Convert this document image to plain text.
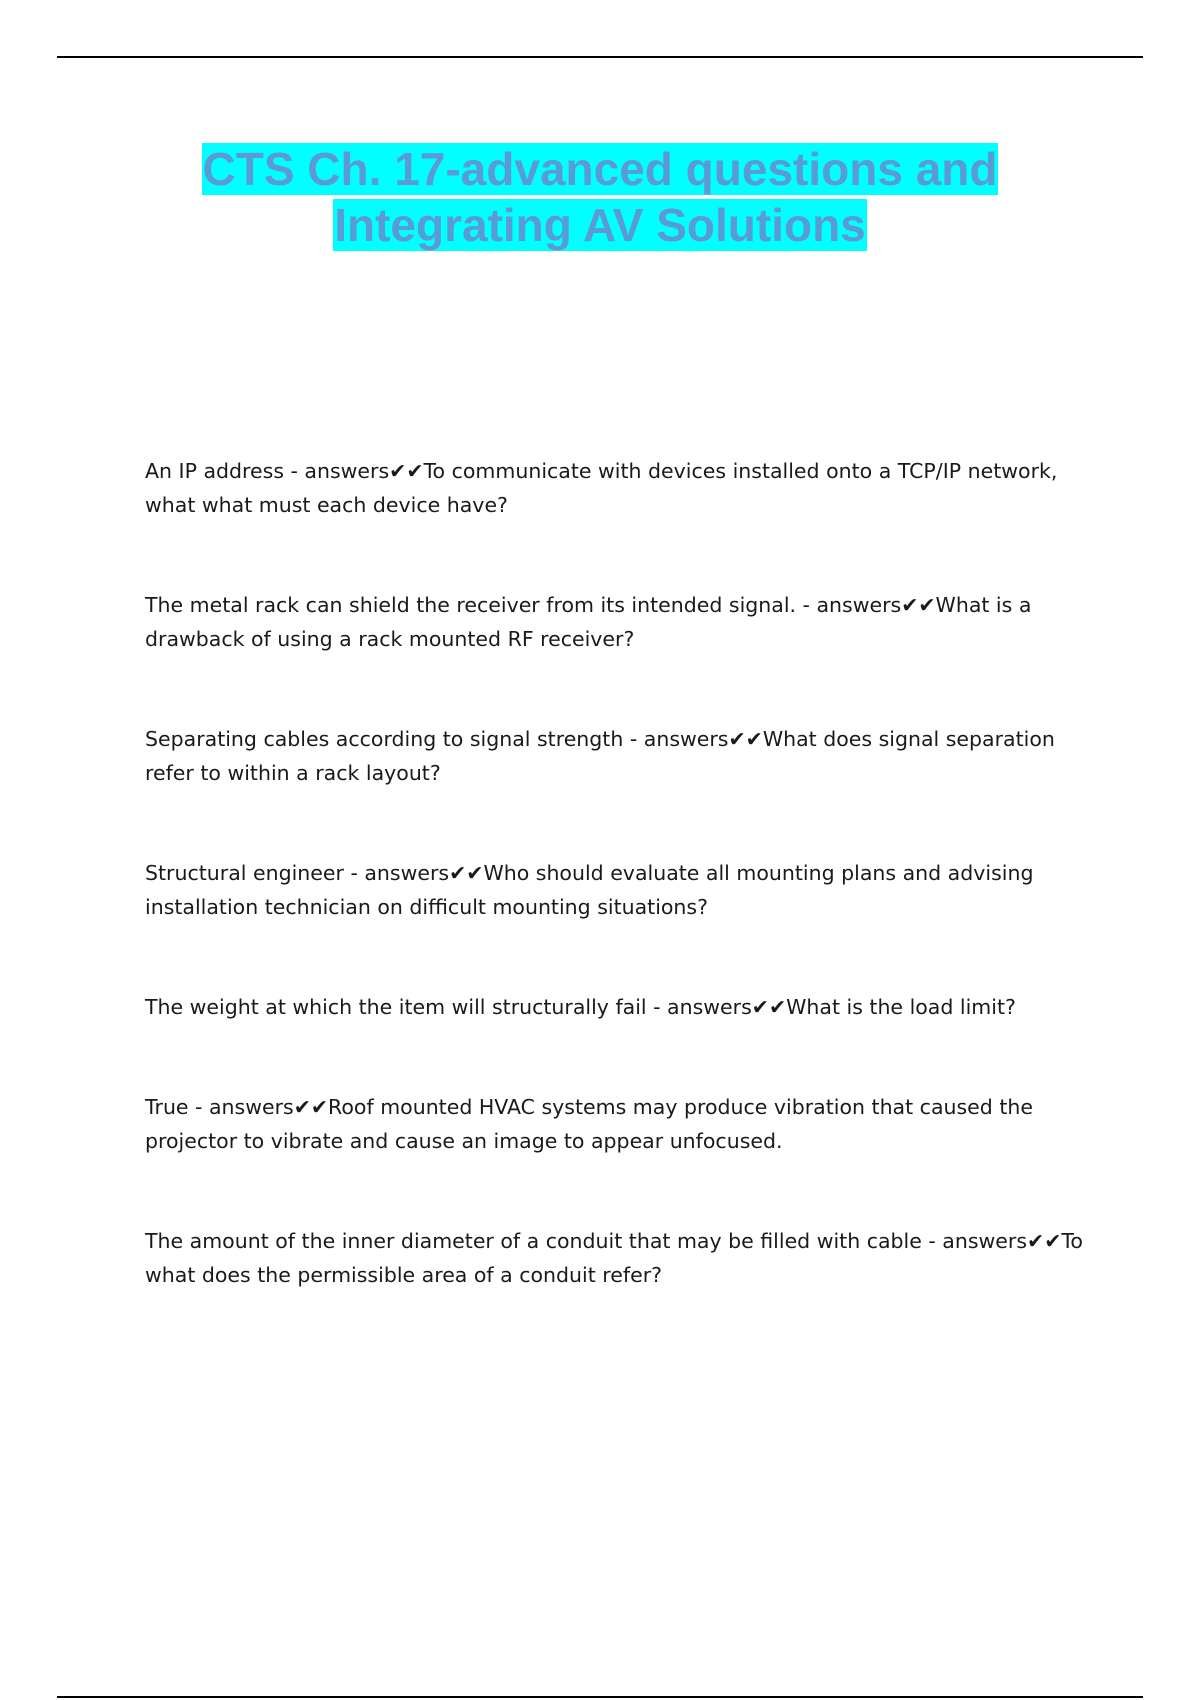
CTS Ch. 17-advanced questions and
Integrating AV Solutions

An IP address - answers✔✔To communicate with devices installed onto a TCP/IP network, what what must each device have?

The metal rack can shield the receiver from its intended signal. - answers✔✔What is a drawback of using a rack mounted RF receiver?

Separating cables according to signal strength - answers✔✔What does signal separation refer to within a rack layout?

Structural engineer - answers✔✔Who should evaluate all mounting plans and advising installation technician on difficult mounting situations?

The weight at which the item will structurally fail - answers✔✔What is the load limit?

True - answers✔✔Roof mounted HVAC systems may produce vibration that caused the projector to vibrate and cause an image to appear unfocused.

The amount of the inner diameter of a conduit that may be filled with cable - answers✔✔To what does the permissible area of a conduit refer?
